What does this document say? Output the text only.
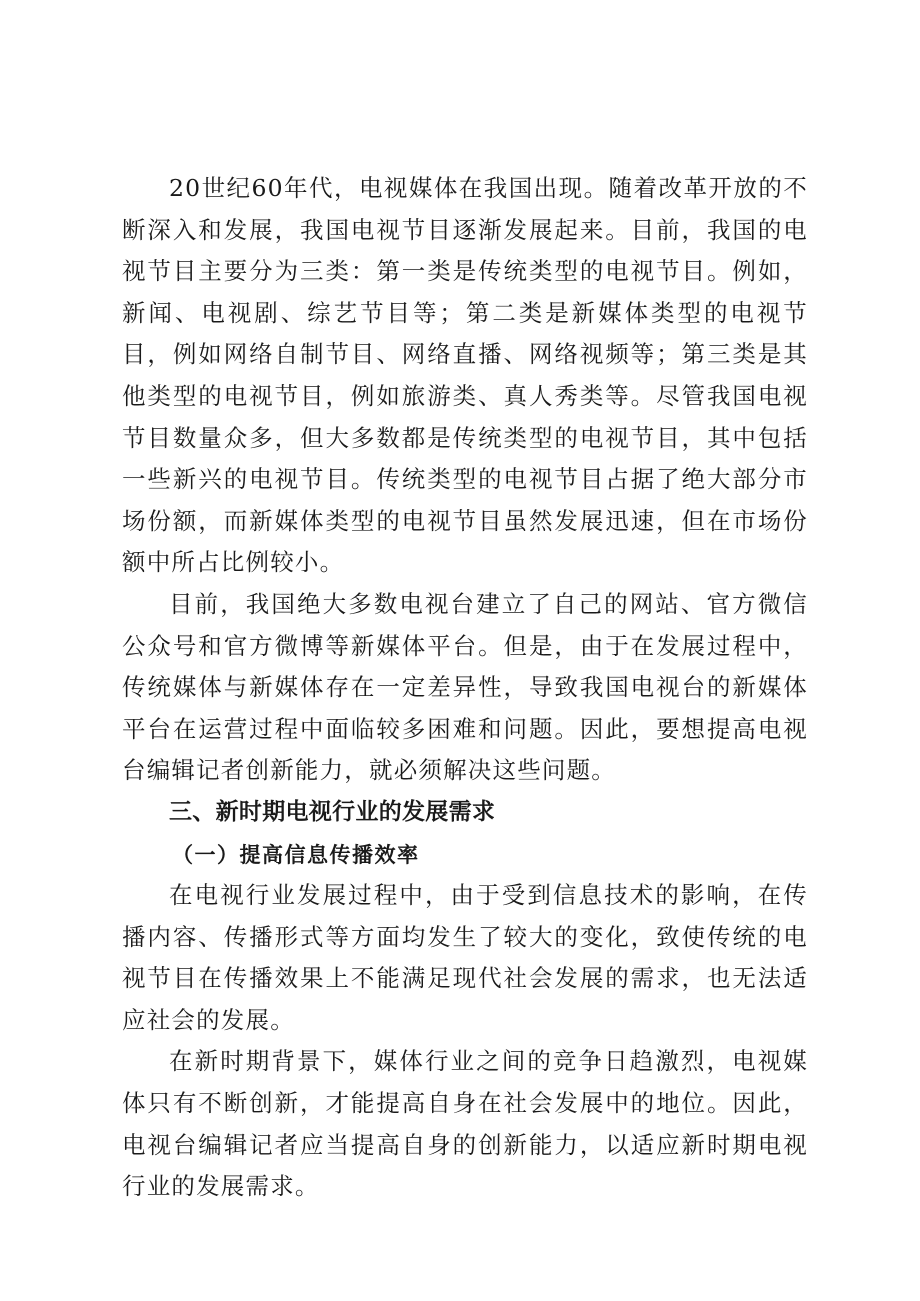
20世纪60年代，电视媒体在我国出现。随着改革开放的不断深入和发展，我国电视节目逐渐发展起来。目前，我国的电视节目主要分为三类：第一类是传统类型的电视节目。例如，新闻、电视剧、综艺节目等；第二类是新媒体类型的电视节目，例如网络自制节目、网络直播、网络视频等；第三类是其他类型的电视节目，例如旅游类、真人秀类等。尽管我国电视节目数量众多，但大多数都是传统类型的电视节目，其中包括一些新兴的电视节目。传统类型的电视节目占据了绝大部分市场份额，而新媒体类型的电视节目虽然发展迅速，但在市场份额中所占比例较小。

目前，我国绝大多数电视台建立了自己的网站、官方微信公众号和官方微博等新媒体平台。但是，由于在发展过程中，传统媒体与新媒体存在一定差异性，导致我国电视台的新媒体平台在运营过程中面临较多困难和问题。因此，要想提高电视台编辑记者创新能力，就必须解决这些问题。

三、新时期电视行业的发展需求
（一）提高信息传播效率

在电视行业发展过程中，由于受到信息技术的影响，在传播内容、传播形式等方面均发生了较大的变化，致使传统的电视节目在传播效果上不能满足现代社会发展的需求，也无法适应社会的发展。

在新时期背景下，媒体行业之间的竞争日趋激烈，电视媒体只有不断创新，才能提高自身在社会发展中的地位。因此，电视台编辑记者应当提高自身的创新能力，以适应新时期电视行业的发展需求。
